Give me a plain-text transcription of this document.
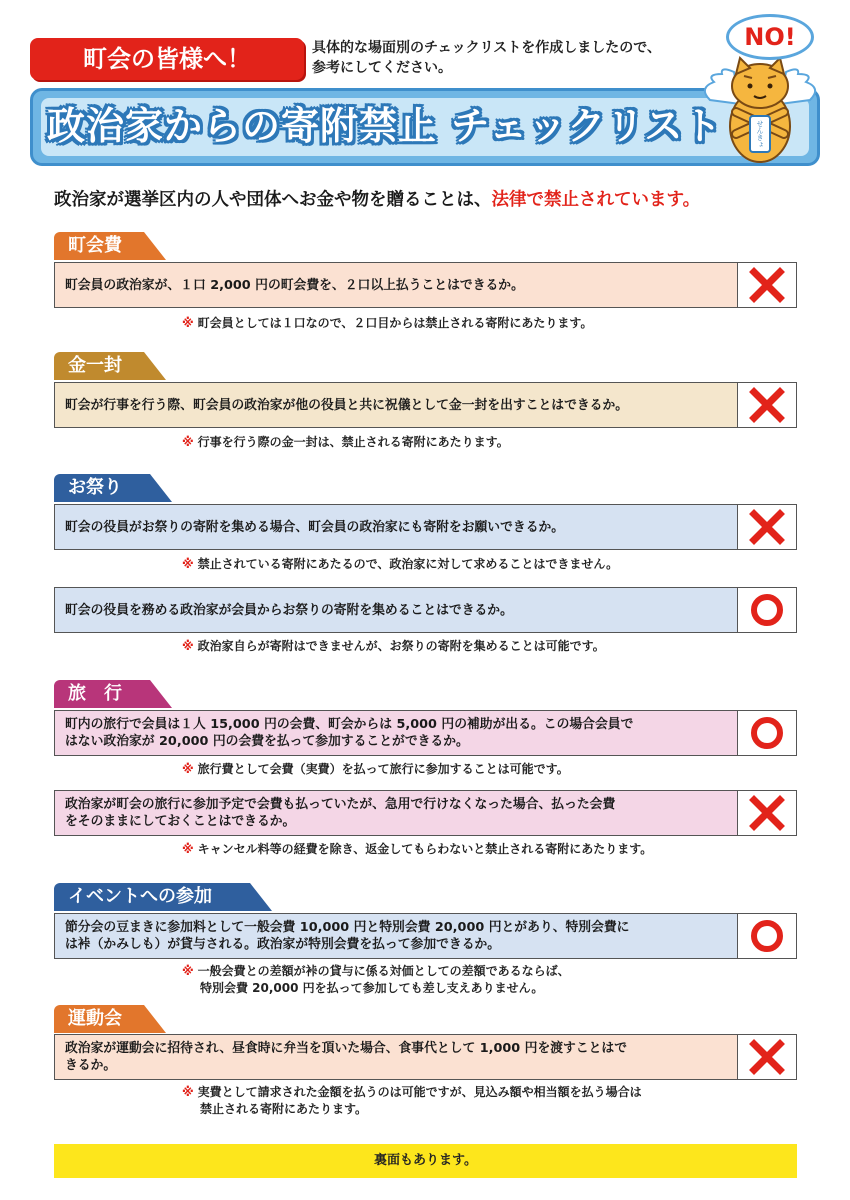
町会の皆様へ！	具体的な場面別のチェックリストを作成しましたので、
参考にしてください。
政治家からの寄附禁止 チェックリスト	せんきょ
NO!
政治家が選挙区内の人や団体へお金や物を贈ることは、法律で禁止されています。
町会費
町会員の政治家が、１口 2,000 円の町会費を、２口以上払うことはできるか。
※ 町会員としては１口なので、２口目からは禁止される寄附にあたります。
金一封
町会が行事を行う際、町会員の政治家が他の役員と共に祝儀として金一封を出すことはできるか。
※ 行事を行う際の金一封は、禁止される寄附にあたります。
お祭り
町会の役員がお祭りの寄附を集める場合、町会員の政治家にも寄附をお願いできるか。
※ 禁止されている寄附にあたるので、政治家に対して求めることはできません。
町会の役員を務める政治家が会員からお祭りの寄附を集めることはできるか。
※ 政治家自らが寄附はできませんが、お祭りの寄附を集めることは可能です。
旅　行
町内の旅行で会員は１人 15,000 円の会費、町会からは 5,000 円の補助が出る。この場合会員で
はない政治家が 20,000 円の会費を払って参加することができるか。
※ 旅行費として会費（実費）を払って旅行に参加することは可能です。
政治家が町会の旅行に参加予定で会費も払っていたが、急用で行けなくなった場合、払った会費
をそのままにしておくことはできるか。
※ キャンセル料等の経費を除き、返金してもらわないと禁止される寄附にあたります。
イベントへの参加
節分会の豆まきに参加料として一般会費 10,000 円と特別会費 20,000 円とがあり、特別会費に
は裃（かみしも）が貸与される。政治家が特別会費を払って参加できるか。
※ 一般会費との差額が裃の貸与に係る対価としての差額であるならば、
特別会費 20,000 円を払って参加しても差し支えありません。
運動会
政治家が運動会に招待され、昼食時に弁当を頂いた場合、食事代として 1,000 円を渡すことはで
きるか。
※ 実費として請求された金額を払うのは可能ですが、見込み額や相当額を払う場合は
禁止される寄附にあたります。
裏面もあります。
